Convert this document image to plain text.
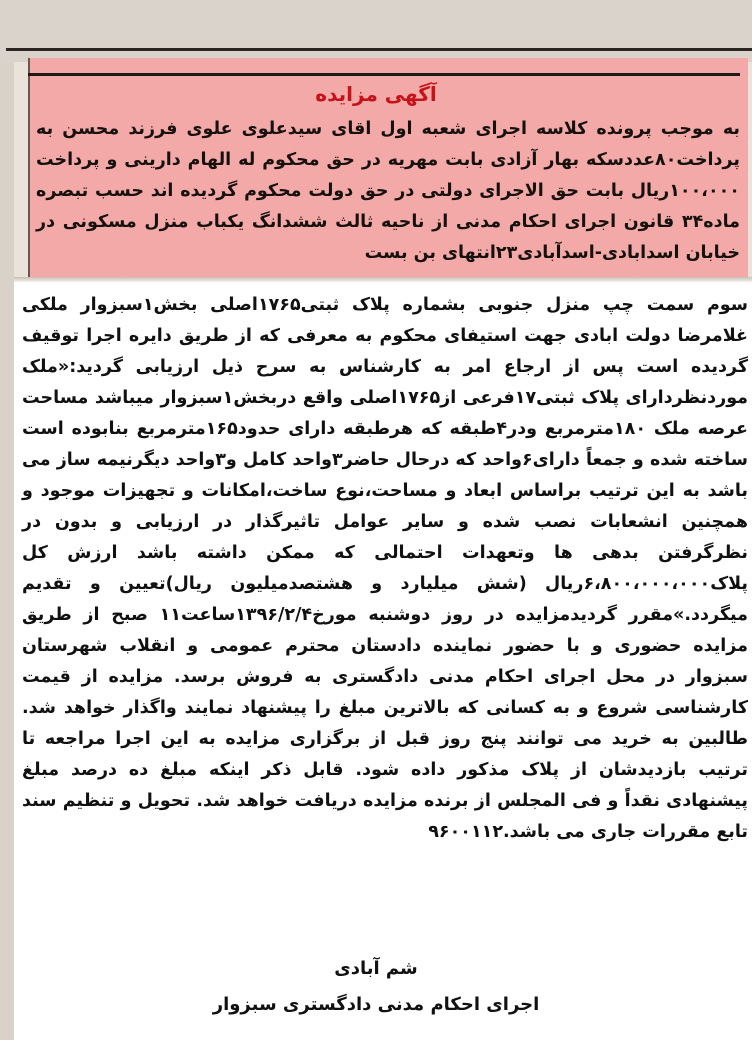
آگهی مزایده

به موجب پرونده کلاسه اجرای شعبه اول اقای سیدعلوی علوی فرزند محسن به پرداخت۸۰عددسکه بهار آزادی بابت مهریه در حق محکوم له الهام دارینی و پرداخت ۱۰۰،۰۰۰ریال بابت حق الاجرای دولتی در حق دولت محکوم گردیده اند حسب تبصره ماده۳۴ قانون اجرای احکام مدنی از ناحیه ثالث ششدانگ یکباب منزل مسکونی در خیابان اسدابادی-اسدآبادی۲۳انتهای بن بست

سوم سمت چپ منزل جنوبی بشماره پلاک ثبتی۱۷۶۵اصلی بخش۱سبزوار ملکی غلامرضا دولت ابادی جهت استیفای محکوم به معرفی که از طریق دایره اجرا توقیف گردیده است پس از ارجاع امر به کارشناس به سرح ذیل ارزیابی گردید:«ملک موردنظردارای پلاک ثبتی۱۷فرعی از۱۷۶۵اصلی واقع دربخش۱سبزوار میباشد مساحت عرصه ملک ۱۸۰مترمربع ودر۴طبقه که هرطبقه دارای حدود۱۶۵مترمربع بنابوده است ساخته شده و جمعاً دارای۶واحد که درحال حاضر۳واحد کامل و۳واحد دیگرنیمه ساز می باشد به این ترتیب براساس ابعاد و مساحت،نوع ساخت،امکانات و تجهیزات موجود و همچنین انشعابات نصب شده و سایر عوامل تاثیرگذار در ارزیابی و بدون در نظرگرفتن بدهی ها وتعهدات احتمالی که ممکن داشته باشد ارزش کل پلاک۶،۸۰۰،۰۰۰،۰۰۰ریال (شش میلیارد و هشتصدمیلیون ریال)تعیین و تقدیم میگردد.»مقرر گردیدمزایده در روز دوشنبه مورخ۱۳۹۶/۲/۴ساعت۱۱ صبح از طریق مزایده حضوری و با حضور نماینده دادستان محترم عمومی و انقلاب شهرستان سبزوار در محل اجرای احکام مدنی دادگستری به فروش برسد. مزایده از قیمت کارشناسی شروع و به کسانی که بالاترین مبلغ را پیشنهاد نمایند واگذار خواهد شد. طالبین به خرید می توانند پنج روز قبل از برگزاری مزایده به این اجرا مراجعه تا ترتیب بازدیدشان از پلاک مذکور داده شود. قابل ذکر اینکه مبلغ ده درصد مبلغ پیشنهادی نقداً و فی المجلس از برنده مزایده دریافت خواهد شد. تحویل و تنظیم سند تابع مقررات جاری می باشد.۹۶۰۰۱۱۲

شم آبادی

اجرای احکام مدنی دادگستری سبزوار
